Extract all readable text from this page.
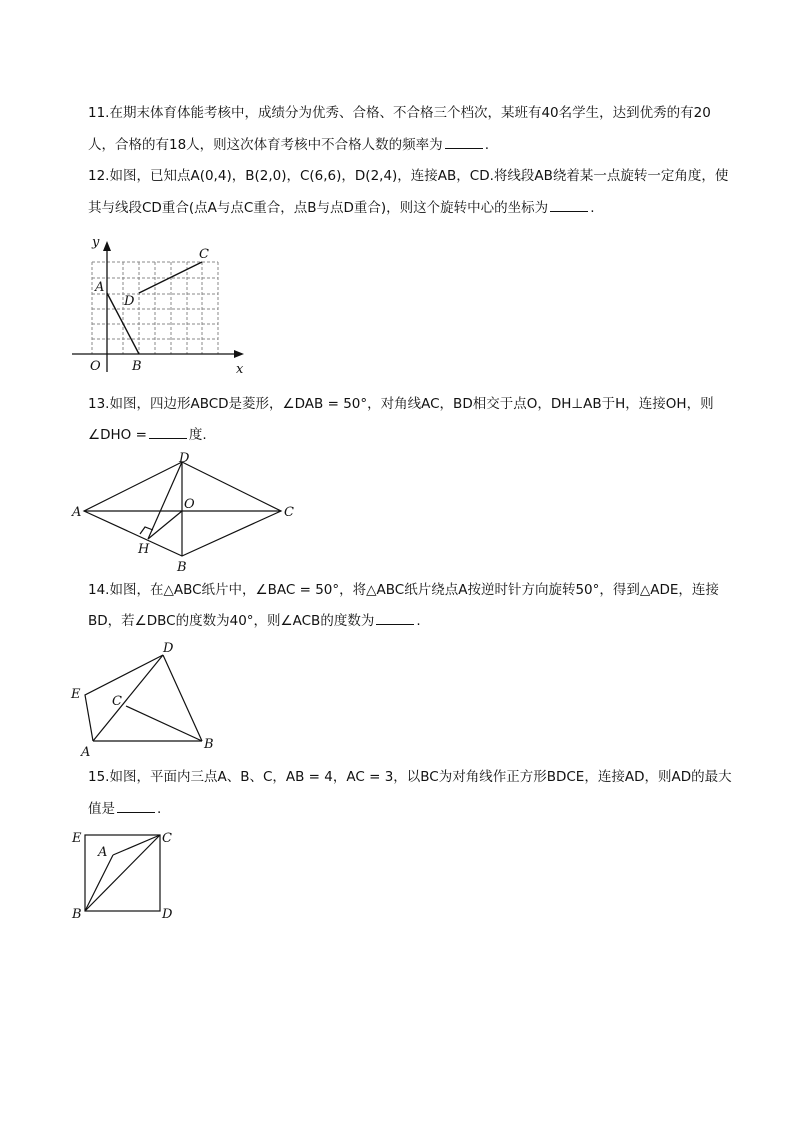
11.在期末体育体能考核中，成绩分为优秀、合格、不合格三个档次，某班有40名学生，达到优秀的有20
人，合格的有18人，则这次体育考核中不合格人数的频率为	.
12.如图，已知点A(0,4)，B(2,0)，C(6,6)，D(2,4)，连接AB，CD.将线段AB绕着某一点旋转一定角度，使
其与线段CD重合(点A与点C重合，点B与点D重合)，则这个旋转中心的坐标为	.
y
x
O
A
B
C
D
13.如图，四边形ABCD是菱形，∠DAB = 50°，对角线AC，BD相交于点O，DH⊥AB于H，连接OH，则
∠DHO =	度.
A
B
C
D
O
H
14.如图，在△ABC纸片中，∠BAC = 50°，将△ABC纸片绕点A按逆时针方向旋转50°，得到△ADE，连接
BD，若∠DBC的度数为40°，则∠ACB的度数为	.
A
B
C
D
E
15.如图，平面内三点A、B、C，AB = 4，AC = 3，以BC为对角线作正方形BDCE，连接AD，则AD的最大
值是	.
A
B
C
D
E
